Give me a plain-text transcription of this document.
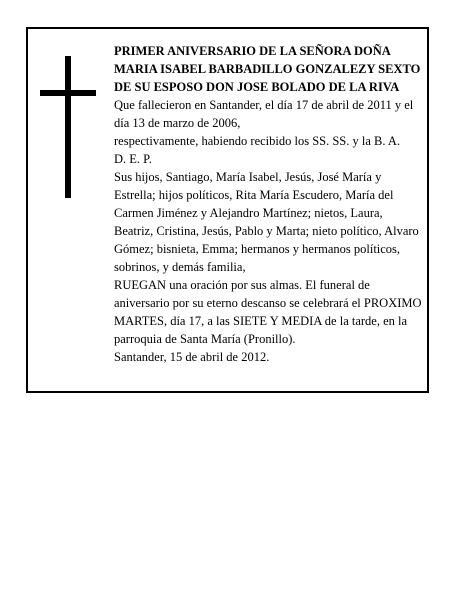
PRIMER ANIVERSARIO DE LA SEÑORA DOÑA MARIA ISABEL BARBADILLO GONZALEZY SEXTO DE SU ESPOSO DON JOSE BOLADO DE LA RIVA

Que fallecieron en Santander, el día 17 de abril de 2011 y el día 13 de marzo de 2006,

respectivamente, habiendo recibido los SS. SS. y la B. A.

D. E. P.

Sus hijos, Santiago, María Isabel, Jesús, José María y Estrella; hijos políticos, Rita María Escudero, María del Carmen Jiménez y Alejandro Martínez; nietos, Laura, Beatriz, Cristina, Jesús, Pablo y Marta; nieto político, Alvaro Gómez; bisnieta, Emma; hermanos y hermanos políticos, sobrinos, y demás familia,

RUEGAN una oración por sus almas. El funeral de aniversario por su eterno descanso se celebrará el PROXIMO MARTES, día 17, a las SIETE Y MEDIA de la tarde, en la parroquia de Santa María (Pronillo).

Santander, 15 de abril de 2012.
